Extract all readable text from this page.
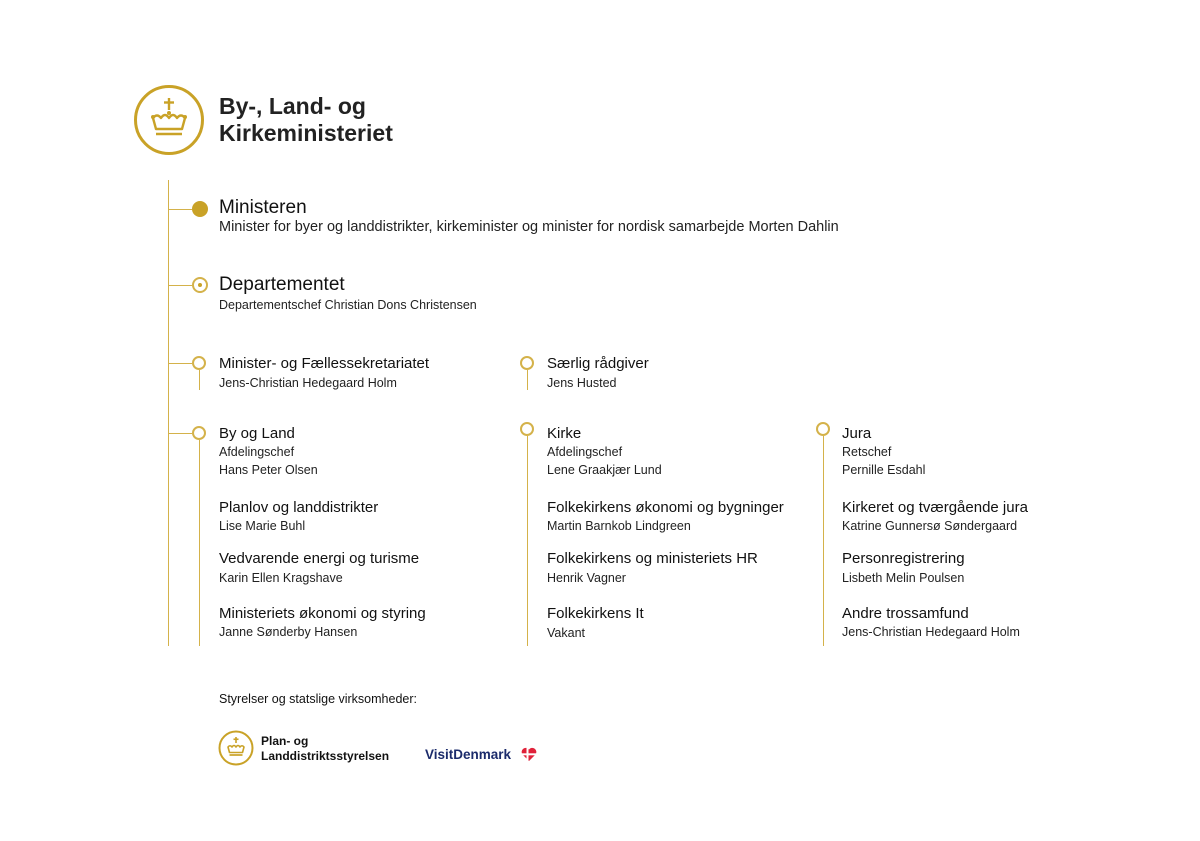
By-, Land- og
Kirkeministeriet
Ministeren
Minister for byer og landdistrikter, kirkeminister og minister for nordisk samarbejde Morten Dahlin
Departementet
Departementschef Christian Dons Christensen
Minister- og Fællessekretariatet
Jens-Christian Hedegaard Holm
Særlig rådgiver
Jens Husted
By og Land
Afdelingschef
Hans Peter Olsen
Planlov og landdistrikter
Lise Marie Buhl
Vedvarende energi og turisme
Karin Ellen Kragshave
Ministeriets økonomi og styring
Janne Sønderby Hansen
Kirke
Afdelingschef
Lene Graakjær Lund
Folkekirkens økonomi og bygninger
Martin Barnkob Lindgreen
Folkekirkens og ministeriets HR
Henrik Vagner
Folkekirkens It
Vakant
Jura
Retschef
Pernille Esdahl
Kirkeret og tværgående jura
Katrine Gunnersø Søndergaard
Personregistrering
Lisbeth Melin Poulsen
Andre trossamfund
Jens-Christian Hedegaard Holm
Styrelser og statslige virksomheder:
Plan- og
Landdistriktsstyrelsen	VisitDenmark
